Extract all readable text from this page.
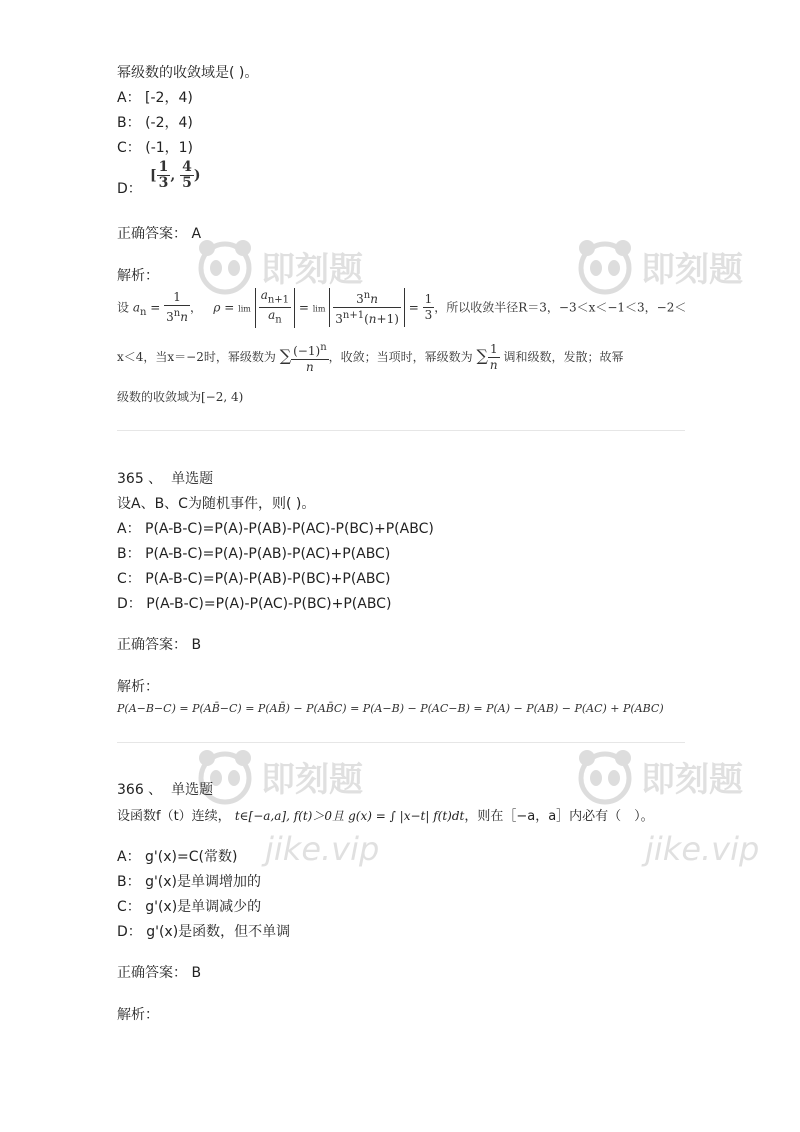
即刻题	即刻题
即刻题
jike.vip
即刻题
jike.vip
幂级数的收敛域是( )。
A： [-2，4)
B： (-2，4)
C： (-1，1)
D：
[ $\frac{1}{3}$ , $\frac{4}{5}$ )
正确答案： A
解析：
设 $a_n = \frac{1}{3^nn}$ ，   $\rho = \lim \frac{a_{n+1}}{a_n} = \lim \frac{3^nn}{3^{n+1}(n+1)} = \frac{1}{3}$ ，所以收敛半径R＝3，−3＜x＜−1＜3，−2＜
x＜4，当x＝−2时，幂级数为 ∑ $\frac{(-1)^n}{n}$ ，收敛；当项时，幂级数为 ∑ $\frac{1}{n}$ 调和级数，发散；故幂
级数的收敛域为[−2, 4)
365 、 单选题
设A、B、C为随机事件，则( )。
A： P(A-B-C)=P(A)-P(AB)-P(AC)-P(BC)+P(ABC)
B： P(A-B-C)=P(A)-P(AB)-P(AC)+P(ABC)
C： P(A-B-C)=P(A)-P(AB)-P(BC)+P(ABC)
D： P(A-B-C)=P(A)-P(AC)-P(BC)+P(ABC)
正确答案： B
解析：
P(A−B−C) = P(AB̄−C) = P(AB̄) − P(AB̄C) = P(A−B) − P(AC−B) = P(A) − P(AB) − P(AC) + P(ABC)
366 、 单选题
设函数f（t）连续， t∈[−a,a], f(t)＞0且 g(x) = ∫ |x−t| f(t)dt，则在［−a，a］内必有（　）。
A： g'(x)=C(常数)
B： g'(x)是单调增加的
C： g'(x)是单调减少的
D： g'(x)是函数，但不单调
正确答案： B
解析：
